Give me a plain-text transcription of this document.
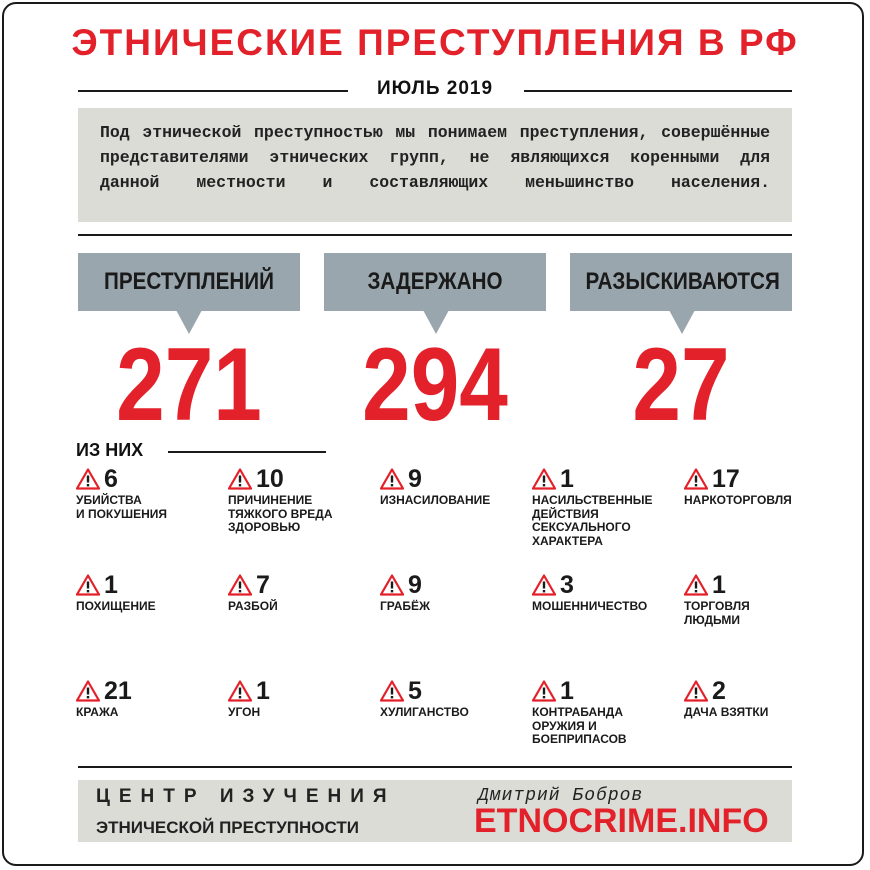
ЭТНИЧЕСКИЕ ПРЕСТУПЛЕНИЯ В РФ
ИЮЛЬ 2019
Под этнической преступностью мы понимаем преступления, совершённые представителями этнических групп, не являющихся коренными для данной местности и составляющих меньшинство населения.
ПРЕСТУПЛЕНИЙ
271
ЗАДЕРЖАНО
294
РАЗЫСКИВАЮТСЯ
27
ИЗ НИХ
6
УБИЙСТВА
И ПОКУШЕНИЯ
10
ПРИЧИНЕНИЕ
ТЯЖКОГО ВРЕДА
ЗДОРОВЬЮ
9
ИЗНАСИЛОВАНИЕ
1
НАСИЛЬСТВЕННЫЕ
ДЕЙСТВИЯ
СЕКСУАЛЬНОГО
ХАРАКТЕРА
17
НАРКОТОРГОВЛЯ
1
ПОХИЩЕНИЕ
7
РАЗБОЙ
9
ГРАБЁЖ
3
МОШЕННИЧЕСТВО
1
ТОРГОВЛЯ
ЛЮДЬМИ
21
КРАЖА
1
УГОН
5
ХУЛИГАНСТВО
1
КОНТРАБАНДА
ОРУЖИЯ И
БОЕПРИПАСОВ
2
ДАЧА ВЗЯТКИ
ЦЕНТР ИЗУЧЕНИЯ
ЭТНИЧЕСКОЙ ПРЕСТУПНОСТИ
Дмитрий Бобров
ETNOCRIME.INFO
